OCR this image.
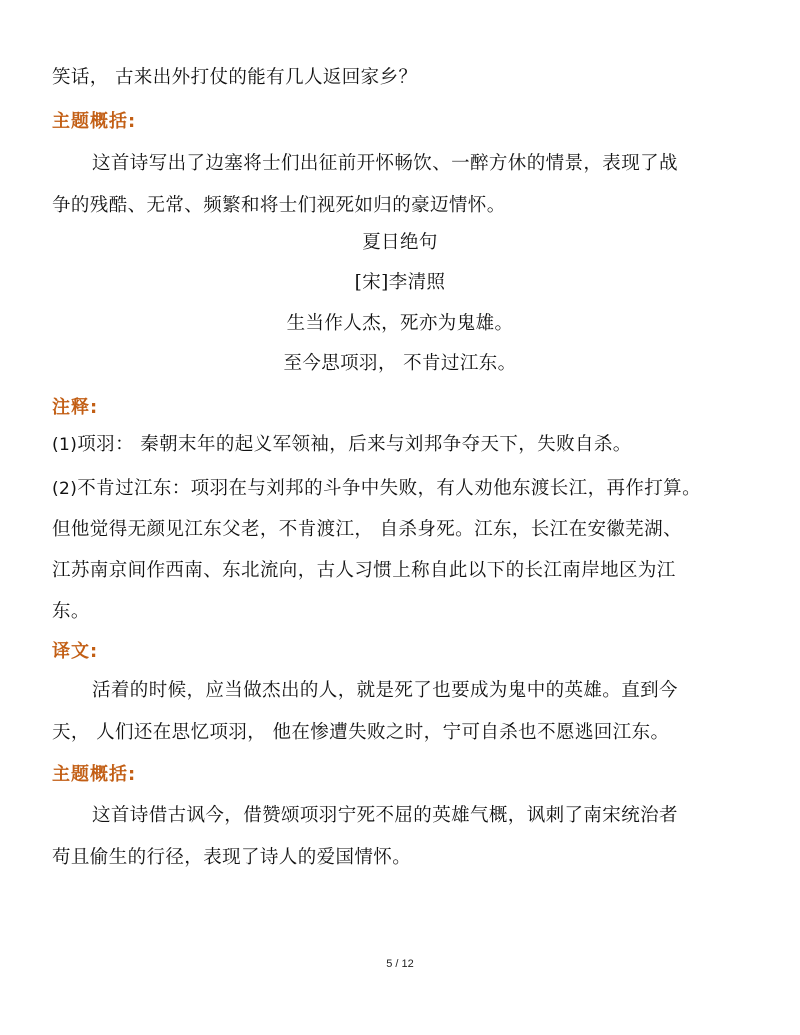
笑话， 古来出外打仗的能有几人返回家乡？
主题概括:
这首诗写出了边塞将士们出征前开怀畅饮、一醉方休的情景，表现了战
争的残酷、无常、频繁和将士们视死如归的豪迈情怀。
夏日绝句
[宋]李清照
生当作人杰，死亦为鬼雄。
至今思项羽， 不肯过江东。
注释:
(1)项羽： 秦朝末年的起义军领袖，后来与刘邦争夺天下，失败自杀。
(2)不肯过江东：项羽在与刘邦的斗争中失败，有人劝他东渡长江，再作打算。
但他觉得无颜见江东父老，不肯渡江， 自杀身死。江东，长江在安徽芜湖、
江苏南京间作西南、东北流向，古人习惯上称自此以下的长江南岸地区为江
东。
译文:
活着的时候，应当做杰出的人，就是死了也要成为鬼中的英雄。直到今
天， 人们还在思忆项羽， 他在惨遭失败之时，宁可自杀也不愿逃回江东。
主题概括:
这首诗借古讽今，借赞颂项羽宁死不屈的英雄气概，讽刺了南宋统治者
苟且偷生的行径，表现了诗人的爱国情怀。
5 / 12
